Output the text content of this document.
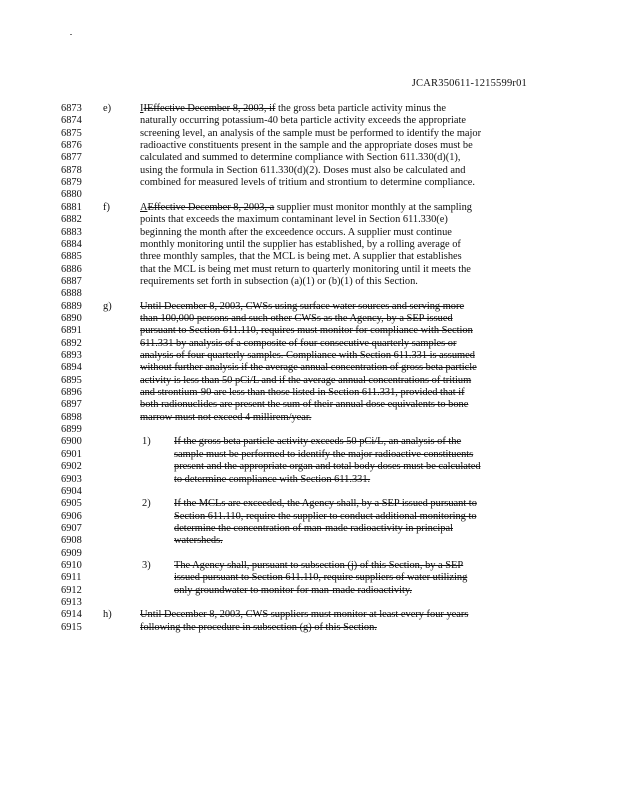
JCAR350611-1215599r01
6873	e)	IIEffective December 8, 2003, if the gross beta particle activity minus the
6874	naturally occurring potassium-40 beta particle activity exceeds the appropriate
6875	screening level, an analysis of the sample must be performed to identify the major
6876	radioactive constituents present in the sample and the appropriate doses must be
6877	calculated and summed to determine compliance with Section 611.330(d)(1),
6878	using the formula in Section 611.330(d)(2). Doses must also be calculated and
6879	combined for measured levels of tritium and strontium to determine compliance.
6880
6881	f)	AEffective December 8, 2003, a supplier must monitor monthly at the sampling
6882	points that exceeds the maximum contaminant level in Section 611.330(e)
6883	beginning the month after the exceedence occurs. A supplier must continue
6884	monthly monitoring until the supplier has established, by a rolling average of
6885	three monthly samples, that the MCL is being met. A supplier that establishes
6886	that the MCL is being met must return to quarterly monitoring until it meets the
6887	requirements set forth in subsection (a)(1) or (b)(1) of this Section.
6888
6889	g)	Until December 8, 2003, CWSs using surface water sources and serving more
6890	than 100,000 persons and such other CWSs as the Agency, by a SEP issued
6891	pursuant to Section 611.110, requires must monitor for compliance with Section
6892	611.331 by analysis of a composite of four consecutive quarterly samples or
6893	analysis of four quarterly samples. Compliance with Section 611.331 is assumed
6894	without further analysis if the average annual concentration of gross beta particle
6895	activity is less than 50 pCi/L and if the average annual concentrations of tritium
6896	and strontium-90 are less than those listed in Section 611.331, provided that if
6897	both radionuclides are present the sum of their annual dose equivalents to bone
6898	marrow must not exceed 4 millirem/year.
6899
6900	1) If the gross beta particle activity exceeds 50 pCi/L, an analysis of the
6901	sample must be performed to identify the major radioactive constituents
6902	present and the appropriate organ and total body doses must be calculated
6903	to determine compliance with Section 611.331.
6904
6905	2) If the MCLs are exceeded, the Agency shall, by a SEP issued pursuant to
6906	Section 611.110, require the supplier to conduct additional monitoring to
6907	determine the concentration of man-made radioactivity in principal
6908	watersheds.
6909
6910	3) The Agency shall, pursuant to subsection (j) of this Section, by a SEP
6911	issued pursuant to Section 611.110, require suppliers of water utilizing
6912	only groundwater to monitor for man-made radioactivity.
6913
6914	h)	Until December 8, 2003, CWS suppliers must monitor at least every four years
6915	following the procedure in subsection (g) of this Section.
